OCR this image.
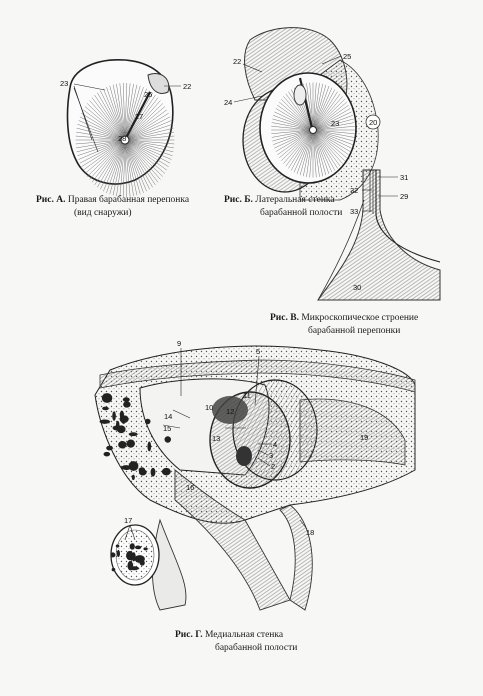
23	22
26
27
28
25
22
24
23	20
31
32
29
33
30
9
5
11
12
10
14
15
13
4
3
2
19
16
18
17
Рис. А. Правая барабанная перепонка
(вид снаружи)
Рис. Б. Латеральная стенка
барабанной полости
Рис. В. Микроскопическое строение
барабанной перепонки
Рис. Г. Медиальная стенка
барабанной полости
